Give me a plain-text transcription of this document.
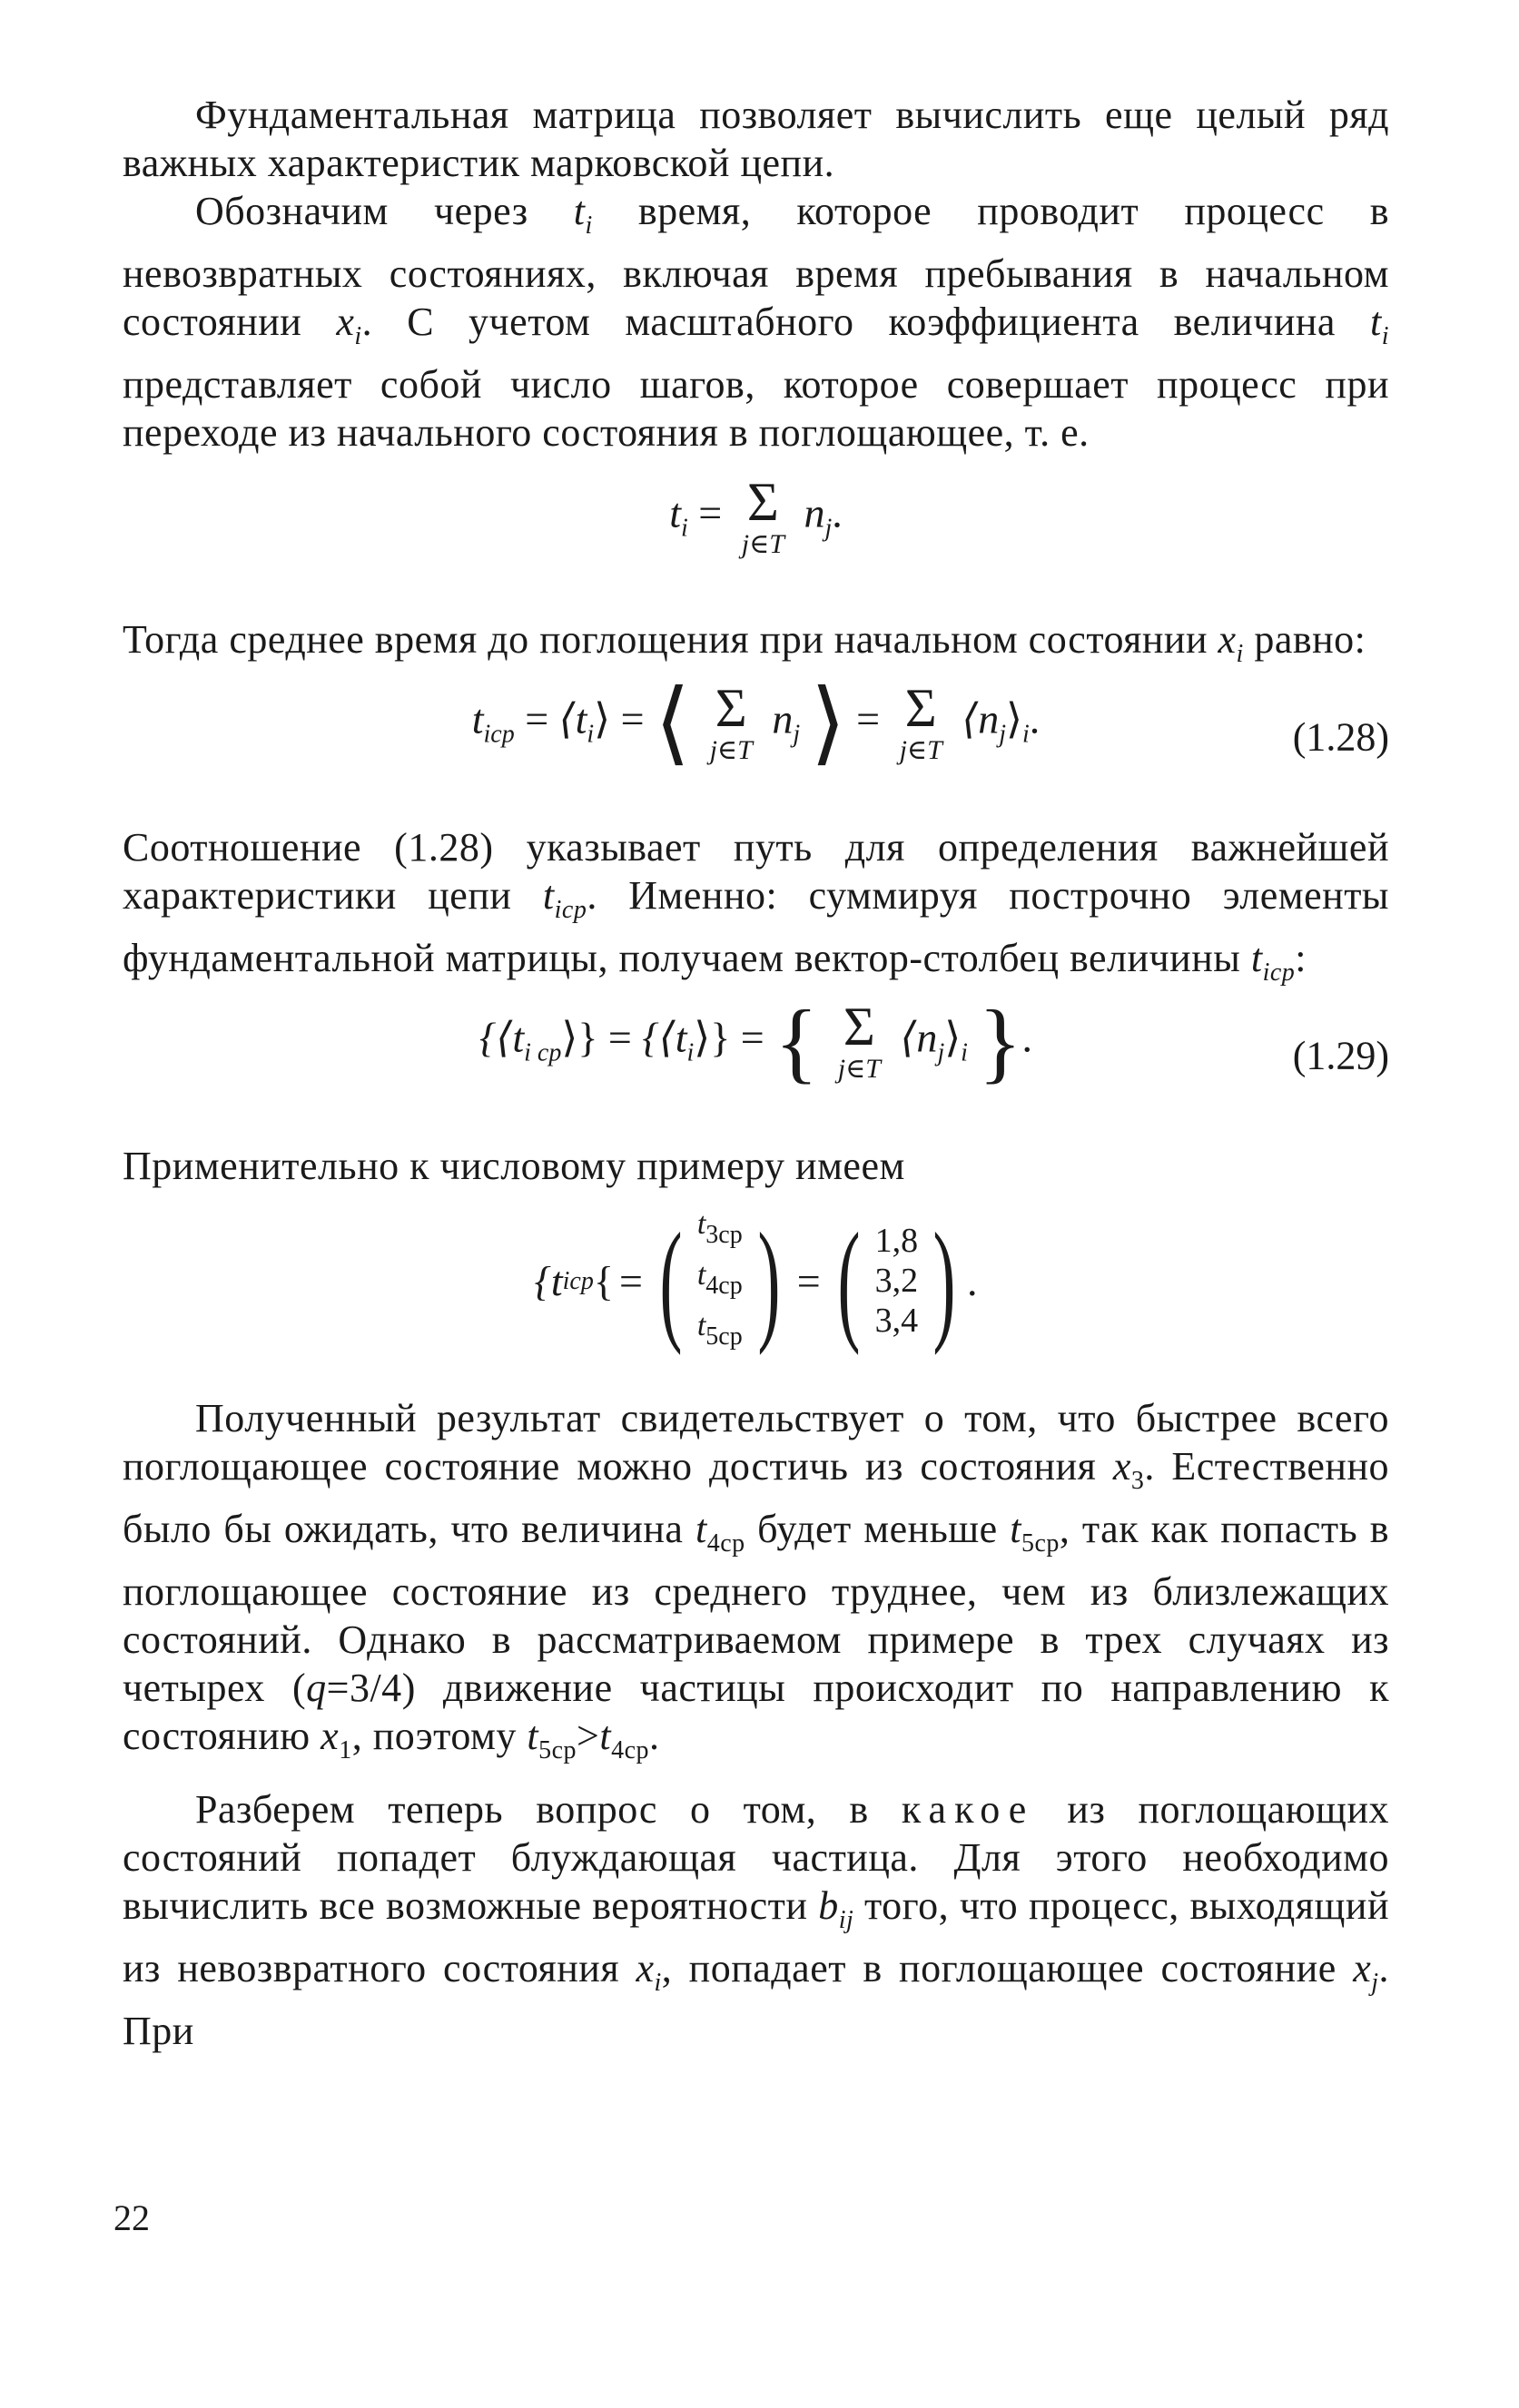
Фундаментальная матрица позволяет вычислить еще целый ряд важных характеристик марковской цепи.

Обозначим через $t_i$ время, которое проводит процесс в невозвратных состояниях, включая время пребывания в начальном состоянии $x_i$. С учетом масштабного коэффициента величина $t_i$ представляет собой число шагов, которое совершает процесс при переходе из начального состояния в поглощающее, т. е.

$t_i = \Sigma$
j∈T
$n_j$.

Тогда среднее время до поглощения при начальном состоянии $x_i$ равно:

$t_{iср}$ = $⟨t_i⟩$ = ⟨ Σ
j∈T
$n_j$ ⟩ = Σ
j∈T
$⟨n_j⟩_i$.	(1.28)

Соотношение (1.28) указывает путь для определения важнейшей характеристики цепи $t_{iср}$. Именно: суммируя построчно элементы фундаментальной матрицы, получаем вектор-столбец величины $t_{iср}$:

$\{⟨t_{i ср}⟩\}$ = $\{⟨t_i⟩\}$ = { Σ
j∈T
$⟨n_j⟩_i$ }.	(1.29)

Применительно к числовому примеру имеем

{t iср { = ( $t_{3ср}$
$t_{4ср}$
$t_{5ср}$ ) = ( 1,8
3,2
3,4 ) .

Полученный результат свидетельствует о том, что быстрее всего поглощающее состояние можно достичь из состояния $x_3$. Естественно было бы ожидать, что величина $t_{4ср}$ будет меньше $t_{5ср}$, так как попасть в поглощающее состояние из среднего труднее, чем из близлежащих состояний. Однако в рассматриваемом примере в трех случаях из четырех (q=3/4) движение частицы происходит по направлению к состоянию $x_1$, поэтому $t_{5ср}>t_{4ср}$.

Разберем теперь вопрос о том, в какое из поглощающих состояний попадет блуждающая частица. Для этого необходимо вычислить все возможные вероятности $b_{ij}$ того, что процесс, выходящий из невозвратного состояния $x_i$, попадает в поглощающее состояние $x_j$. При

22
